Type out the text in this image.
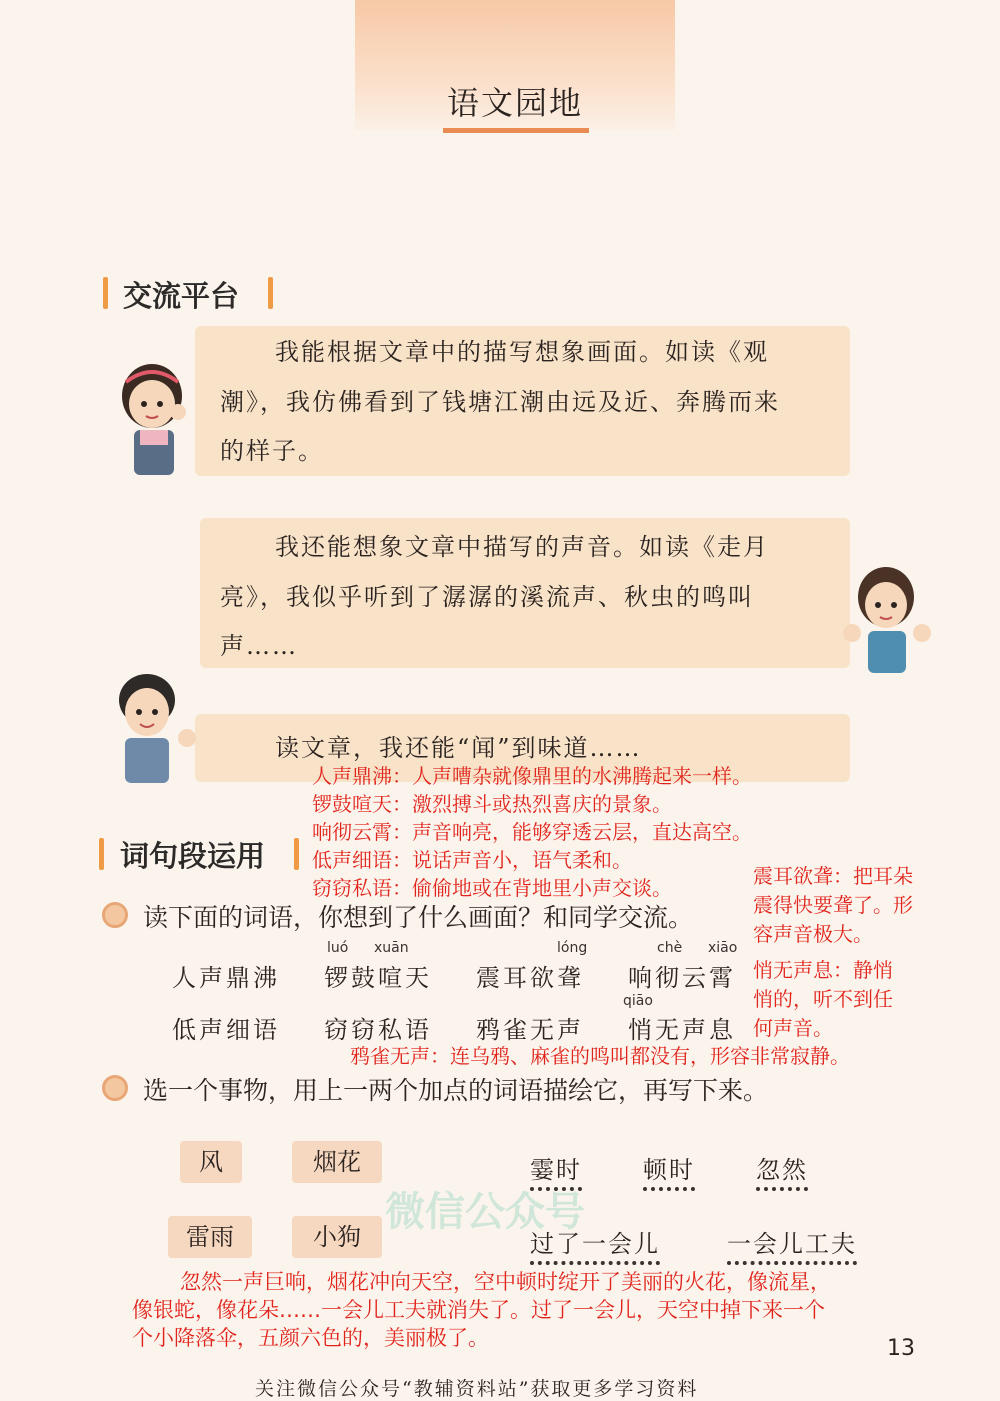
语文园地
交流平台
我能根据文章中的描写想象画面。如读《观
潮》，我仿佛看到了钱塘江潮由远及近、奔腾而来
的样子。
我还能想象文章中描写的声音。如读《走月
亮》，我似乎听到了潺潺的溪流声、秋虫的鸣叫
声……
读文章，我还能“闻”到味道……
人声鼎沸：人声嘈杂就像鼎里的水沸腾起来一样。
锣鼓喧天：激烈搏斗或热烈喜庆的景象。
响彻云霄：声音响亮，能够穿透云层，直达高空。
低声细语：说话声音小，语气柔和。
窃窃私语：偷偷地或在背地里小声交谈。	震耳欲聋：把耳朵
震得快要聋了。形
容声音极大。
悄无声息：静悄
悄的，听不到任
何声音。
鸦雀无声：连乌鸦、麻雀的鸣叫都没有，形容非常寂静。
词句段运用
读下面的词语，你想到了什么画面？和同学交流。
luó xuān	lóng	chè xiāo
qiāo
人声鼎沸 锣鼓喧天 震耳欲聋 响彻云霄
低声细语 窃窃私语 鸦雀无声 悄无声息
选一个事物，用上一两个加点的词语描绘它，再写下来。
微信公众号
风	烟花
雷雨	小狗
霎时	顿时	忽然
过了一会儿	一会儿工夫
忽然一声巨响，烟花冲向天空，空中顿时绽开了美丽的火花，像流星，
像银蛇，像花朵……一会儿工夫就消失了。过了一会儿，天空中掉下来一个
个小降落伞，五颜六色的，美丽极了。	13
关注微信公众号“教辅资料站”获取更多学习资料
